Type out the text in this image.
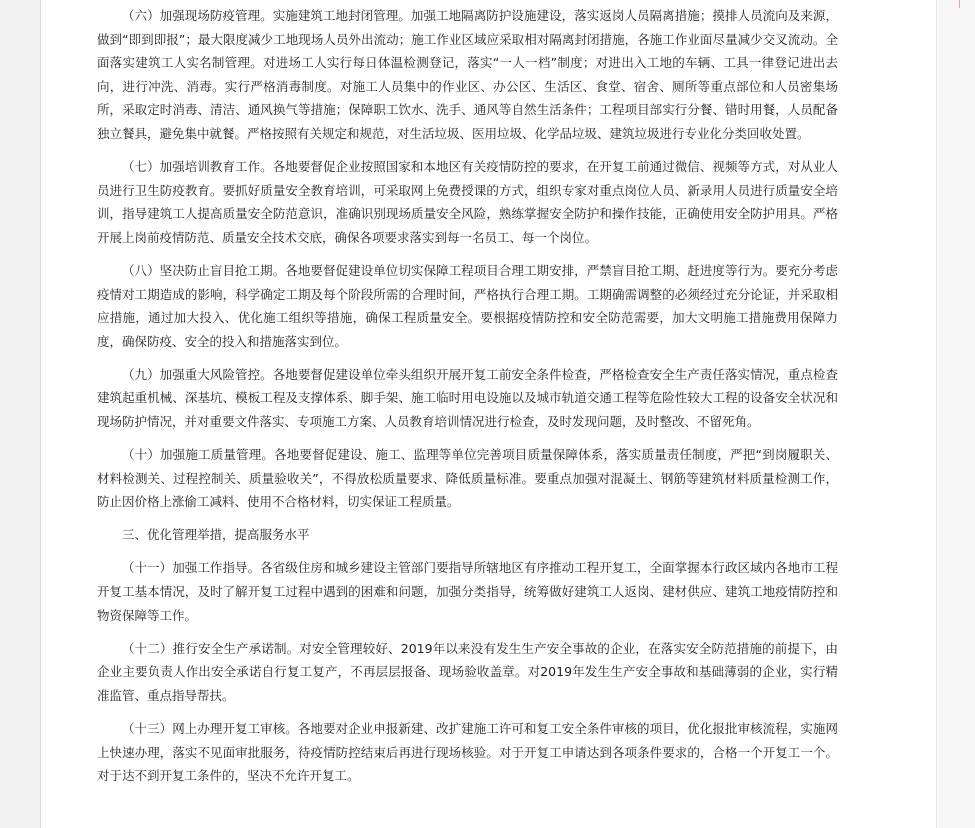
（六）加强现场防疫管理。实施建筑工地封闭管理。加强工地隔离防护设施建设，落实返岗人员隔离措施；摸排人员流向及来源，做到“即到即报”；最大限度减少工地现场人员外出流动；施工作业区域应采取相对隔离封闭措施，各施工作业面尽量减少交叉流动。全面落实建筑工人实名制管理。对进场工人实行每日体温检测登记，落实“一人一档”制度；对进出入工地的车辆、工具一律登记进出去向，进行冲洗、消毒。实行严格消毒制度。对施工人员集中的作业区、办公区、生活区、食堂、宿舍、厕所等重点部位和人员密集场所，采取定时消毒、清洁、通风换气等措施；保障职工饮水、洗手、通风等自然生活条件；工程项目部实行分餐、错时用餐，人员配备独立餐具，避免集中就餐。严格按照有关规定和规范，对生活垃圾、医用垃圾、化学品垃圾、建筑垃圾进行专业化分类回收处置。

（七）加强培训教育工作。各地要督促企业按照国家和本地区有关疫情防控的要求，在开复工前通过微信、视频等方式，对从业人员进行卫生防疫教育。要抓好质量安全教育培训，可采取网上免费授课的方式，组织专家对重点岗位人员、新录用人员进行质量安全培训，指导建筑工人提高质量安全防范意识，准确识别现场质量安全风险，熟练掌握安全防护和操作技能，正确使用安全防护用具。严格开展上岗前疫情防范、质量安全技术交底，确保各项要求落实到每一名员工、每一个岗位。

（八）坚决防止盲目抢工期。各地要督促建设单位切实保障工程项目合理工期安排，严禁盲目抢工期、赶进度等行为。要充分考虑疫情对工期造成的影响，科学确定工期及每个阶段所需的合理时间，严格执行合理工期。工期确需调整的必须经过充分论证，并采取相应措施，通过加大投入、优化施工组织等措施，确保工程质量安全。要根据疫情防控和安全防范需要，加大文明施工措施费用保障力度，确保防疫、安全的投入和措施落实到位。

（九）加强重大风险管控。各地要督促建设单位牵头组织开展开复工前安全条件检查，严格检查安全生产责任落实情况，重点检查建筑起重机械、深基坑、模板工程及支撑体系、脚手架、施工临时用电设施以及城市轨道交通工程等危险性较大工程的设备安全状况和现场防护情况，并对重要文件落实、专项施工方案、人员教育培训情况进行检查，及时发现问题，及时整改、不留死角。

（十）加强施工质量管理。各地要督促建设、施工、监理等单位完善项目质量保障体系，落实质量责任制度，严把“到岗履职关、材料检测关、过程控制关、质量验收关”，不得放松质量要求、降低质量标准。要重点加强对混凝土、钢筋等建筑材料质量检测工作，防止因价格上涨偷工减料、使用不合格材料，切实保证工程质量。

三、优化管理举措，提高服务水平

（十一）加强工作指导。各省级住房和城乡建设主管部门要指导所辖地区有序推动工程开复工，全面掌握本行政区域内各地市工程开复工基本情况，及时了解开复工过程中遇到的困难和问题，加强分类指导，统筹做好建筑工人返岗、建材供应、建筑工地疫情防控和物资保障等工作。

（十二）推行安全生产承诺制。对安全管理较好、2019年以来没有发生生产安全事故的企业，在落实安全防范措施的前提下，由企业主要负责人作出安全承诺自行复工复产，不再层层报备、现场验收盖章。对2019年发生生产安全事故和基础薄弱的企业，实行精准监管、重点指导帮扶。

（十三）网上办理开复工审核。各地要对企业申报新建、改扩建施工许可和复工安全条件审核的项目，优化报批审核流程，实施网上快速办理，落实不见面审批服务，待疫情防控结束后再进行现场核验。对于开复工申请达到各项条件要求的，合格一个开复工一个。对于达不到开复工条件的，坚决不允许开复工。
